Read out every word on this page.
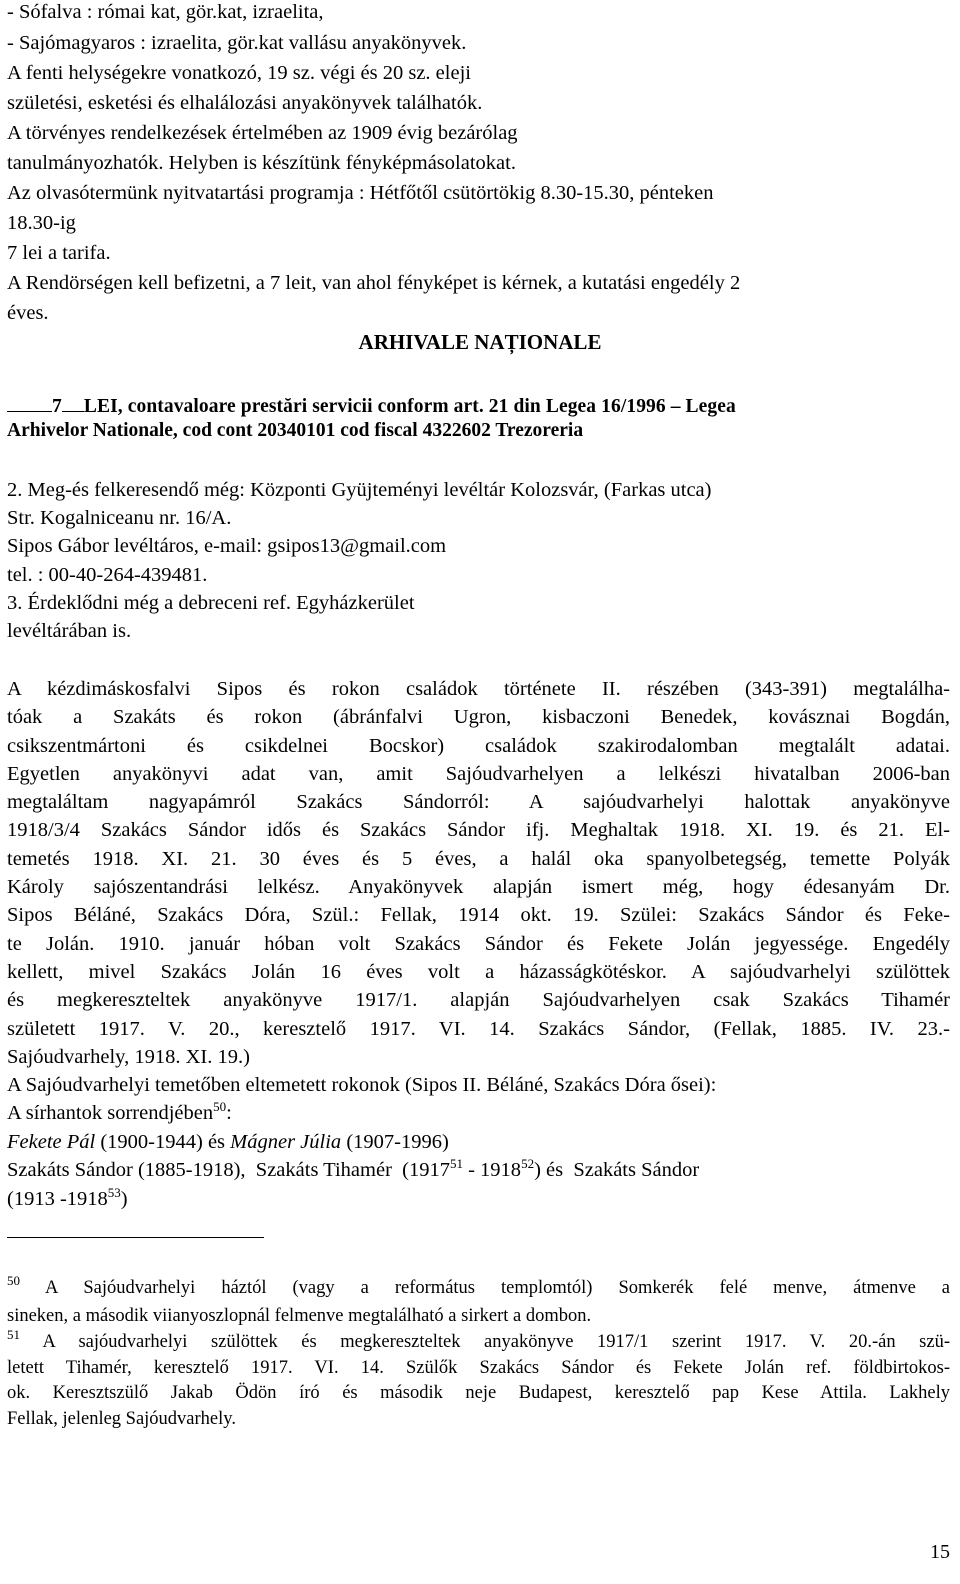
- Sófalva : római kat, gör.kat, izraelita,
- Sajómagyaros : izraelita, gör.kat vallásu anyakönyvek.
A fenti helységekre vonatkozó, 19 sz. végi és 20 sz. eleji
születési, esketési és elhalálozási anyakönyvek találhatók.
A törvényes rendelkezések értelmében az 1909 évig bezárólag
tanulmányozhatók. Helyben is készítünk fényképmásolatokat.
Az olvasótermünk nyitvatartási programja : Hétfőtől csütörtökig 8.30-15.30, pénteken
18.30-ig
7 lei a tarifa.
A Rendörségen kell befizetni, a 7 leit, van ahol fényképet is kérnek, a kutatási engedély 2
éves.
ARHIVALE NAȚIONALE
7 LEI, contavaloare prestări servicii conform art. 21 din Legea 16/1996 – Legea
Arhivelor Nationale, cod cont 20340101 cod fiscal 4322602 Trezoreria
2. Meg-és felkeresendő még: Központi Gyüjteményi levéltár Kolozsvár, (Farkas utca)
Str. Kogalniceanu nr. 16/A.
Sipos Gábor levéltáros, e-mail: gsipos13@gmail.com
tel. : 00-40-264-439481.
3. Érdeklődni még a debreceni ref. Egyházkerület
levéltárában is.
A kézdimáskosfalvi Sipos és rokon családok története II. részében (343-391) megtalálha-
tóak a Szakáts és rokon (ábránfalvi Ugron, kisbaczoni Benedek, kovásznai Bogdán,
csikszentmártoni és csikdelnei Bocskor) családok szakirodalomban megtalált adatai.
Egyetlen anyakönyvi adat van, amit Sajóudvarhelyen a lelkészi hivatalban 2006-ban
megtaláltam nagyapámról Szakács Sándorról: A sajóudvarhelyi halottak anyakönyve
1918/3/4 Szakács Sándor idős és Szakács Sándor ifj. Meghaltak 1918. XI. 19. és 21. El-
temetés 1918. XI. 21. 30 éves és 5 éves, a halál oka spanyolbetegség, temette Polyák
Károly sajószentandrási lelkész. Anyakönyvek alapján ismert még, hogy édesanyám Dr.
Sipos Béláné, Szakács Dóra, Szül.: Fellak, 1914 okt. 19. Szülei: Szakács Sándor és Feke-
te Jolán. 1910. január hóban volt Szakács Sándor és Fekete Jolán jegyessége. Engedély
kellett, mivel Szakács Jolán 16 éves volt a házasságkötéskor. A sajóudvarhelyi szülöttek
és megkereszteltek anyakönyve 1917/1. alapján Sajóudvarhelyen csak Szakács Tihamér
született 1917. V. 20., keresztelő 1917. VI. 14. Szakács Sándor, (Fellak, 1885. IV. 23.-
Sajóudvarhely, 1918. XI. 19.)
A Sajóudvarhelyi temetőben eltemetett rokonok (Sipos II. Béláné, Szakács Dóra ősei):
A sírhantok sorrendjében$^{50}$:
Fekete Pál (1900-1944) és Mágner Júlia (1907-1996)
Szakáts Sándor (1885-1918),  Szakáts Tihamér  (1917$^{51}$ - 1918$^{52}$) és  Szakáts Sándor
(1913 -1918$^{53}$)
$^{50}$ A Sajóudvarhelyi háztól (vagy a református templomtól) Somkerék felé menve, átmenve a
sineken, a második viianyoszlopnál felmenve megtalálható a sirkert a dombon.
$^{51}$ A sajóudvarhelyi szülöttek és megkereszteltek anyakönyve 1917/1 szerint 1917. V. 20.-án szü-
letett Tihamér, keresztelő 1917. VI. 14. Szülők Szakács Sándor és Fekete Jolán ref. földbirtokos-
ok. Keresztszülő Jakab Ödön író és második neje Budapest, keresztelő pap Kese Attila. Lakhely
Fellak, jelenleg Sajóudvarhely.
15
